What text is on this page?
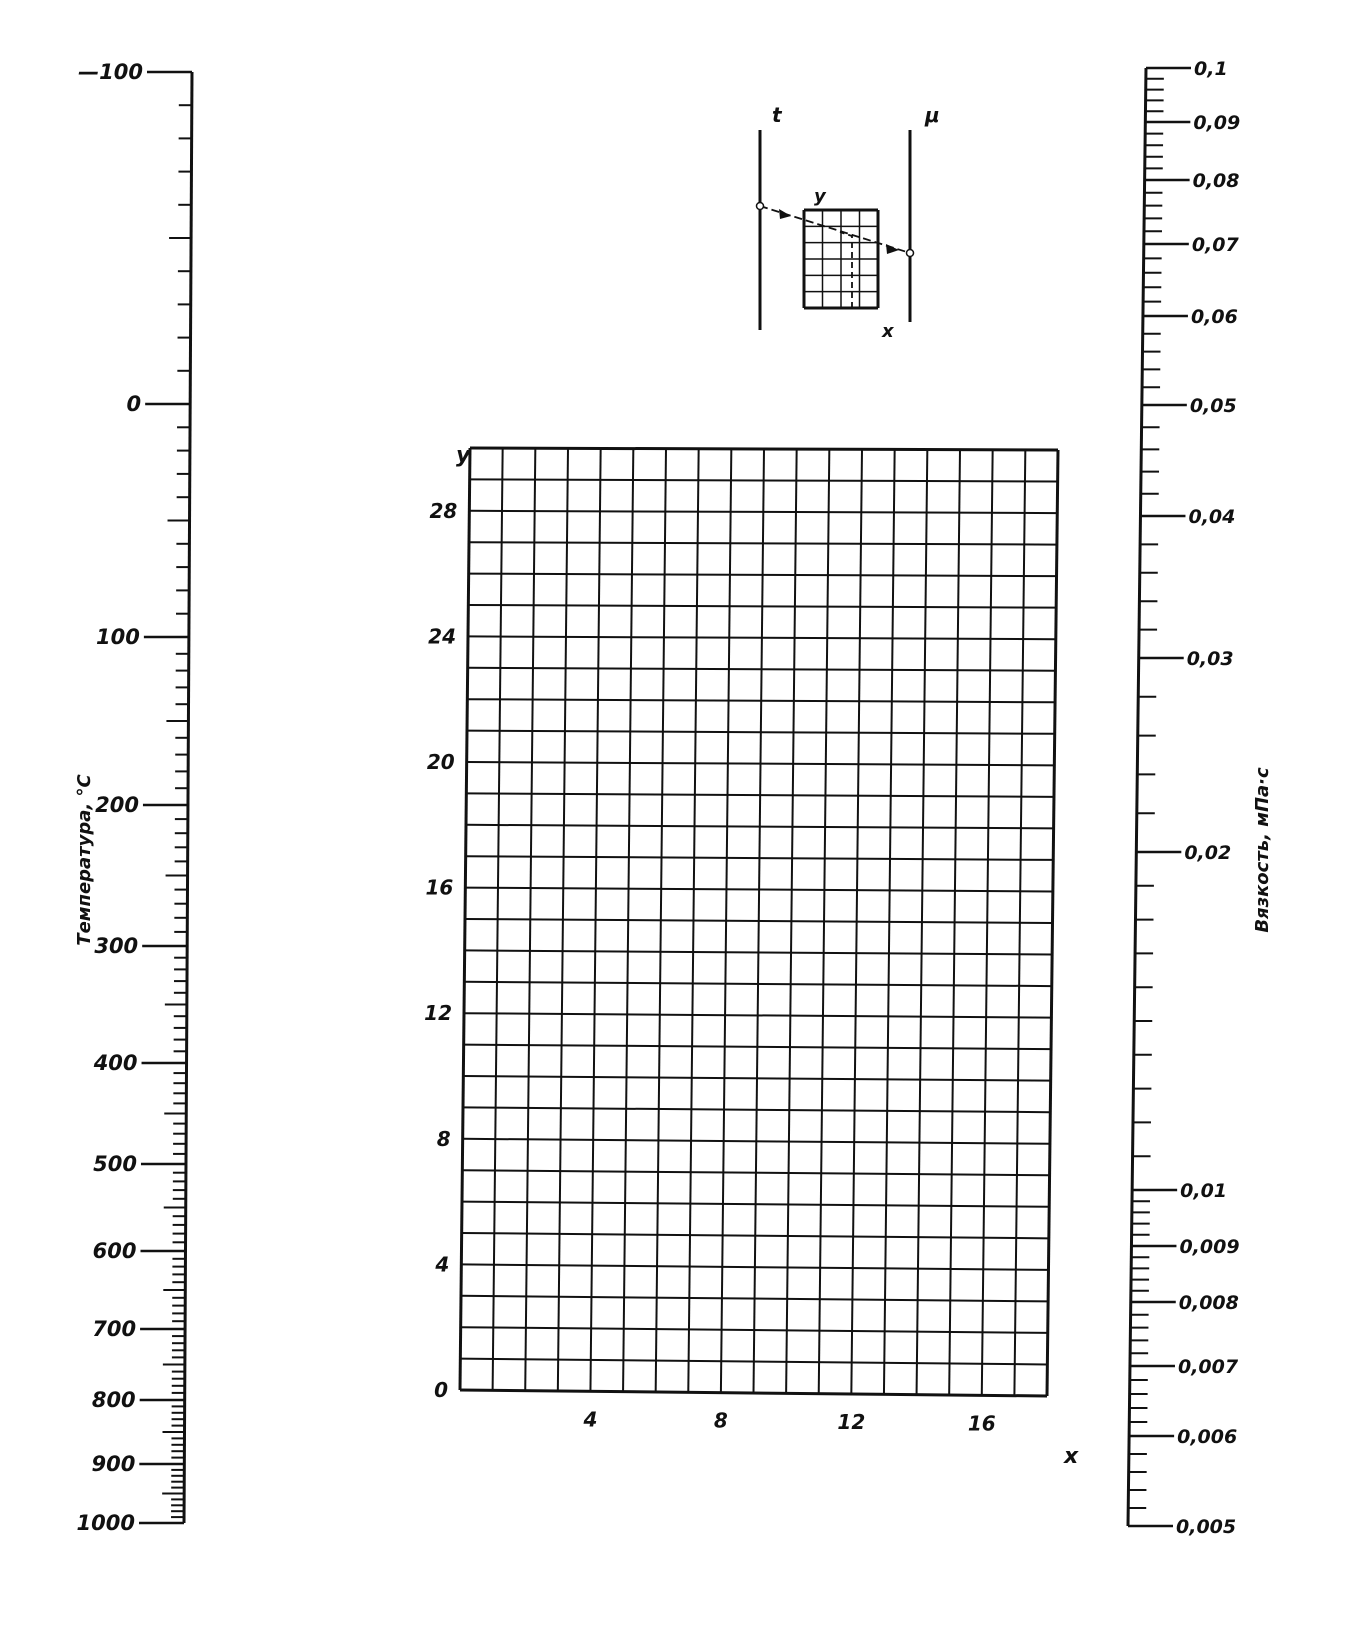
—100
0
100
200
300
400
500
600
700
800
900
1000
0,1
0,09
0,08
0,07
0,06
0,05
0,04
0,03
0,02
0,01
0,009
0,008
0,007
0,006
0,005
4	8	12	16
0
4
8
12
16
20
24
28
Температура, °C	Вязкость, мПа·с
x
y
t	μ
y
x
